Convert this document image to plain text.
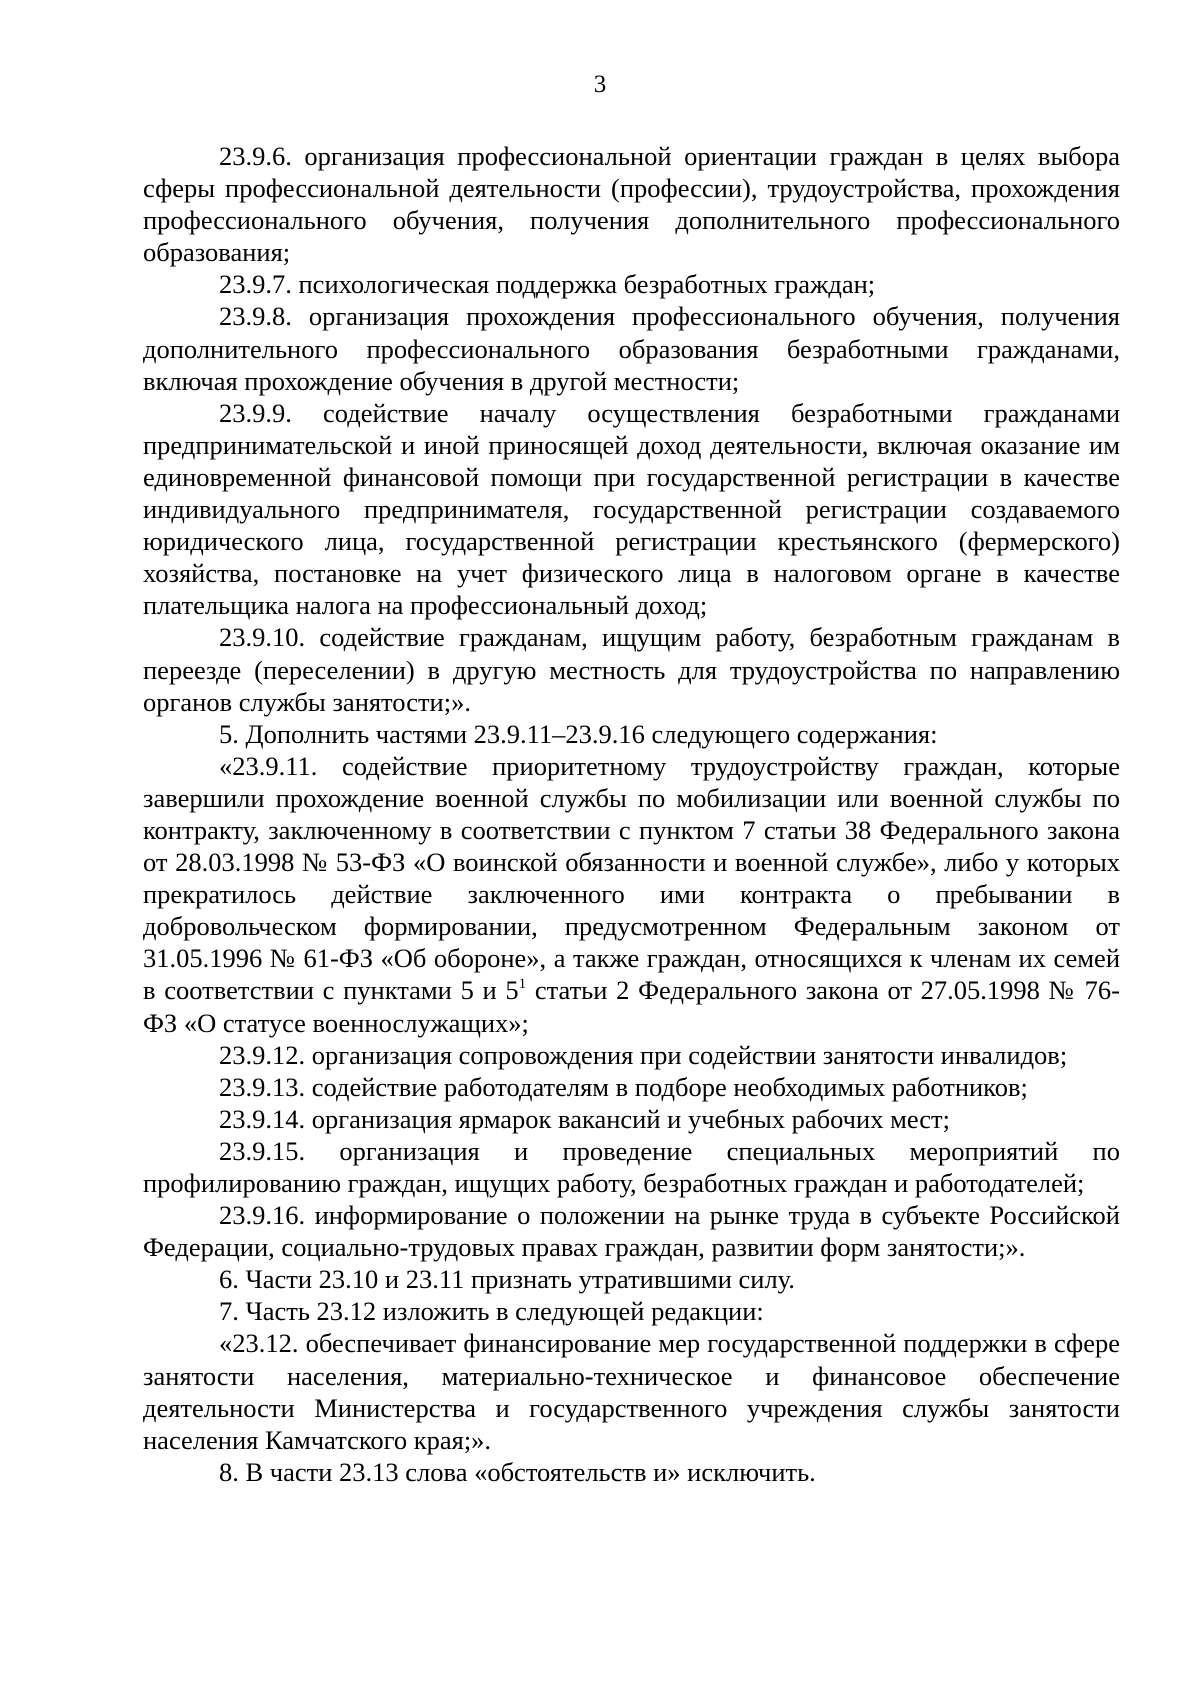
3

23.9.6. организация профессиональной ориентации граждан в целях выбора сферы профессиональной деятельности (профессии), трудоустройства, прохождения профессионального обучения, получения дополнительного профессионального образования;

23.9.7. психологическая поддержка безработных граждан;

23.9.8. организация прохождения профессионального обучения, получения дополнительного профессионального образования безработными гражданами, включая прохождение обучения в другой местности;

23.9.9. содействие началу осуществления безработными гражданами предпринимательской и иной приносящей доход деятельности, включая оказание им единовременной финансовой помощи при государственной регистрации в качестве индивидуального предпринимателя, государственной регистрации создаваемого юридического лица, государственной регистрации крестьянского (фермерского) хозяйства, постановке на учет физического лица в налоговом органе в качестве плательщика налога на профессиональный доход;

23.9.10. содействие гражданам, ищущим работу, безработным гражданам в переезде (переселении) в другую местность для трудоустройства по направлению органов службы занятости;».

5. Дополнить частями 23.9.11–23.9.16 следующего содержания:

«23.9.11. содействие приоритетному трудоустройству граждан, которые завершили прохождение военной службы по мобилизации или военной службы по контракту, заключенному в соответствии с пунктом 7 статьи 38 Федерального закона от 28.03.1998 № 53-ФЗ «О воинской обязанности и военной службе», либо у которых прекратилось действие заключенного ими контракта о пребывании в добровольческом формировании, предусмотренном Федеральным законом от 31.05.1996 № 61-ФЗ «Об обороне», а также граждан, относящихся к членам их семей в соответствии с пунктами 5 и $5^1$ статьи 2 Федерального закона от 27.05.1998 № 76-ФЗ «О статусе военнослужащих»;

23.9.12. организация сопровождения при содействии занятости инвалидов;

23.9.13. содействие работодателям в подборе необходимых работников;

23.9.14. организация ярмарок вакансий и учебных рабочих мест;

23.9.15. организация и проведение специальных мероприятий по профилированию граждан, ищущих работу, безработных граждан и работодателей;

23.9.16. информирование о положении на рынке труда в субъекте Российской Федерации, социально-трудовых правах граждан, развитии форм занятости;».

6. Части 23.10 и 23.11 признать утратившими силу.

7. Часть 23.12 изложить в следующей редакции:

«23.12. обеспечивает финансирование мер государственной поддержки в сфере занятости населения, материально-техническое и финансовое обеспечение деятельности Министерства и государственного учреждения службы занятости населения Камчатского края;».

8. В части 23.13 слова «обстоятельств и» исключить.
